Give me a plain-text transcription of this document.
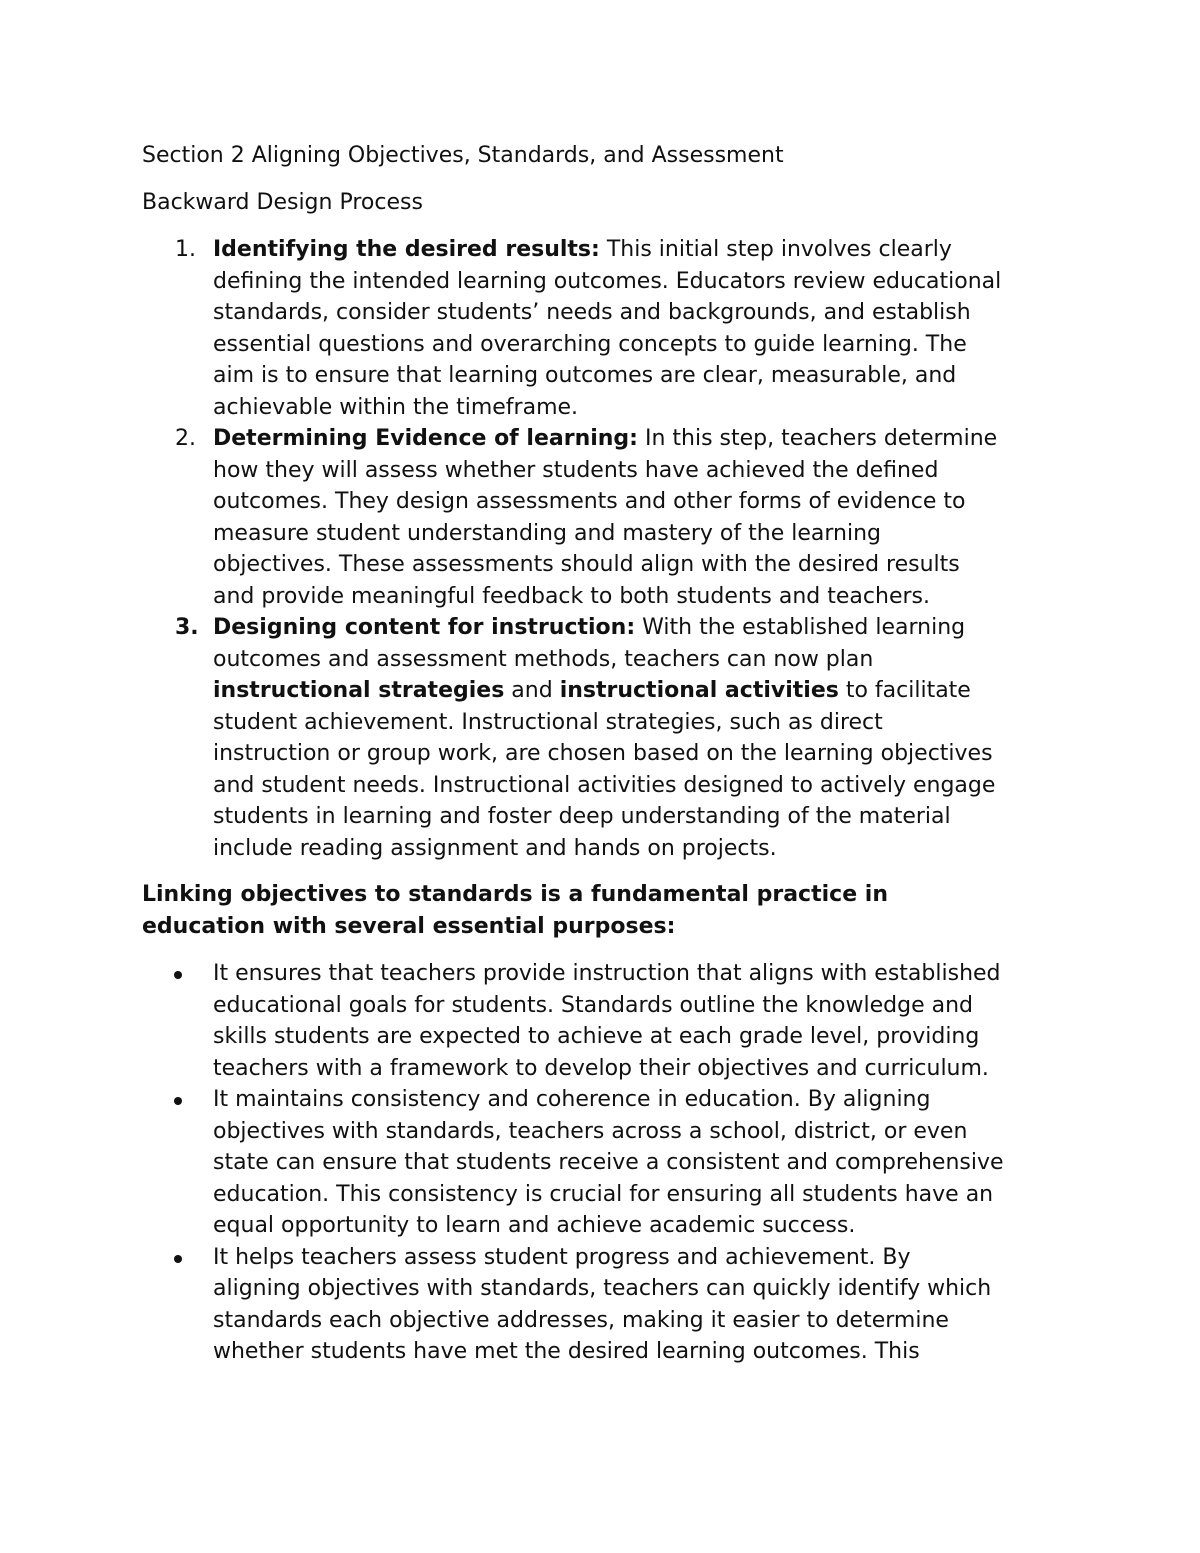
Section 2 Aligning Objectives, Standards, and Assessment

Backward Design Process

1. Identifying the desired results: This initial step involves clearly
defining the intended learning outcomes. Educators review educational
standards, consider students’ needs and backgrounds, and establish
essential questions and overarching concepts to guide learning. The
aim is to ensure that learning outcomes are clear, measurable, and
achievable within the timeframe.
2. Determining Evidence of learning: In this step, teachers determine
how they will assess whether students have achieved the defined
outcomes. They design assessments and other forms of evidence to
measure student understanding and mastery of the learning
objectives. These assessments should align with the desired results
and provide meaningful feedback to both students and teachers.
3. Designing content for instruction: With the established learning
outcomes and assessment methods, teachers can now plan
instructional strategies and instructional activities to facilitate
student achievement. Instructional strategies, such as direct
instruction or group work, are chosen based on the learning objectives
and student needs. Instructional activities designed to actively engage
students in learning and foster deep understanding of the material
include reading assignment and hands on projects.
Linking objectives to standards is a fundamental practice in
education with several essential purposes:
It ensures that teachers provide instruction that aligns with established
educational goals for students. Standards outline the knowledge and
skills students are expected to achieve at each grade level, providing
teachers with a framework to develop their objectives and curriculum.
It maintains consistency and coherence in education. By aligning
objectives with standards, teachers across a school, district, or even
state can ensure that students receive a consistent and comprehensive
education. This consistency is crucial for ensuring all students have an
equal opportunity to learn and achieve academic success.
It helps teachers assess student progress and achievement. By
aligning objectives with standards, teachers can quickly identify which
standards each objective addresses, making it easier to determine
whether students have met the desired learning outcomes. This
